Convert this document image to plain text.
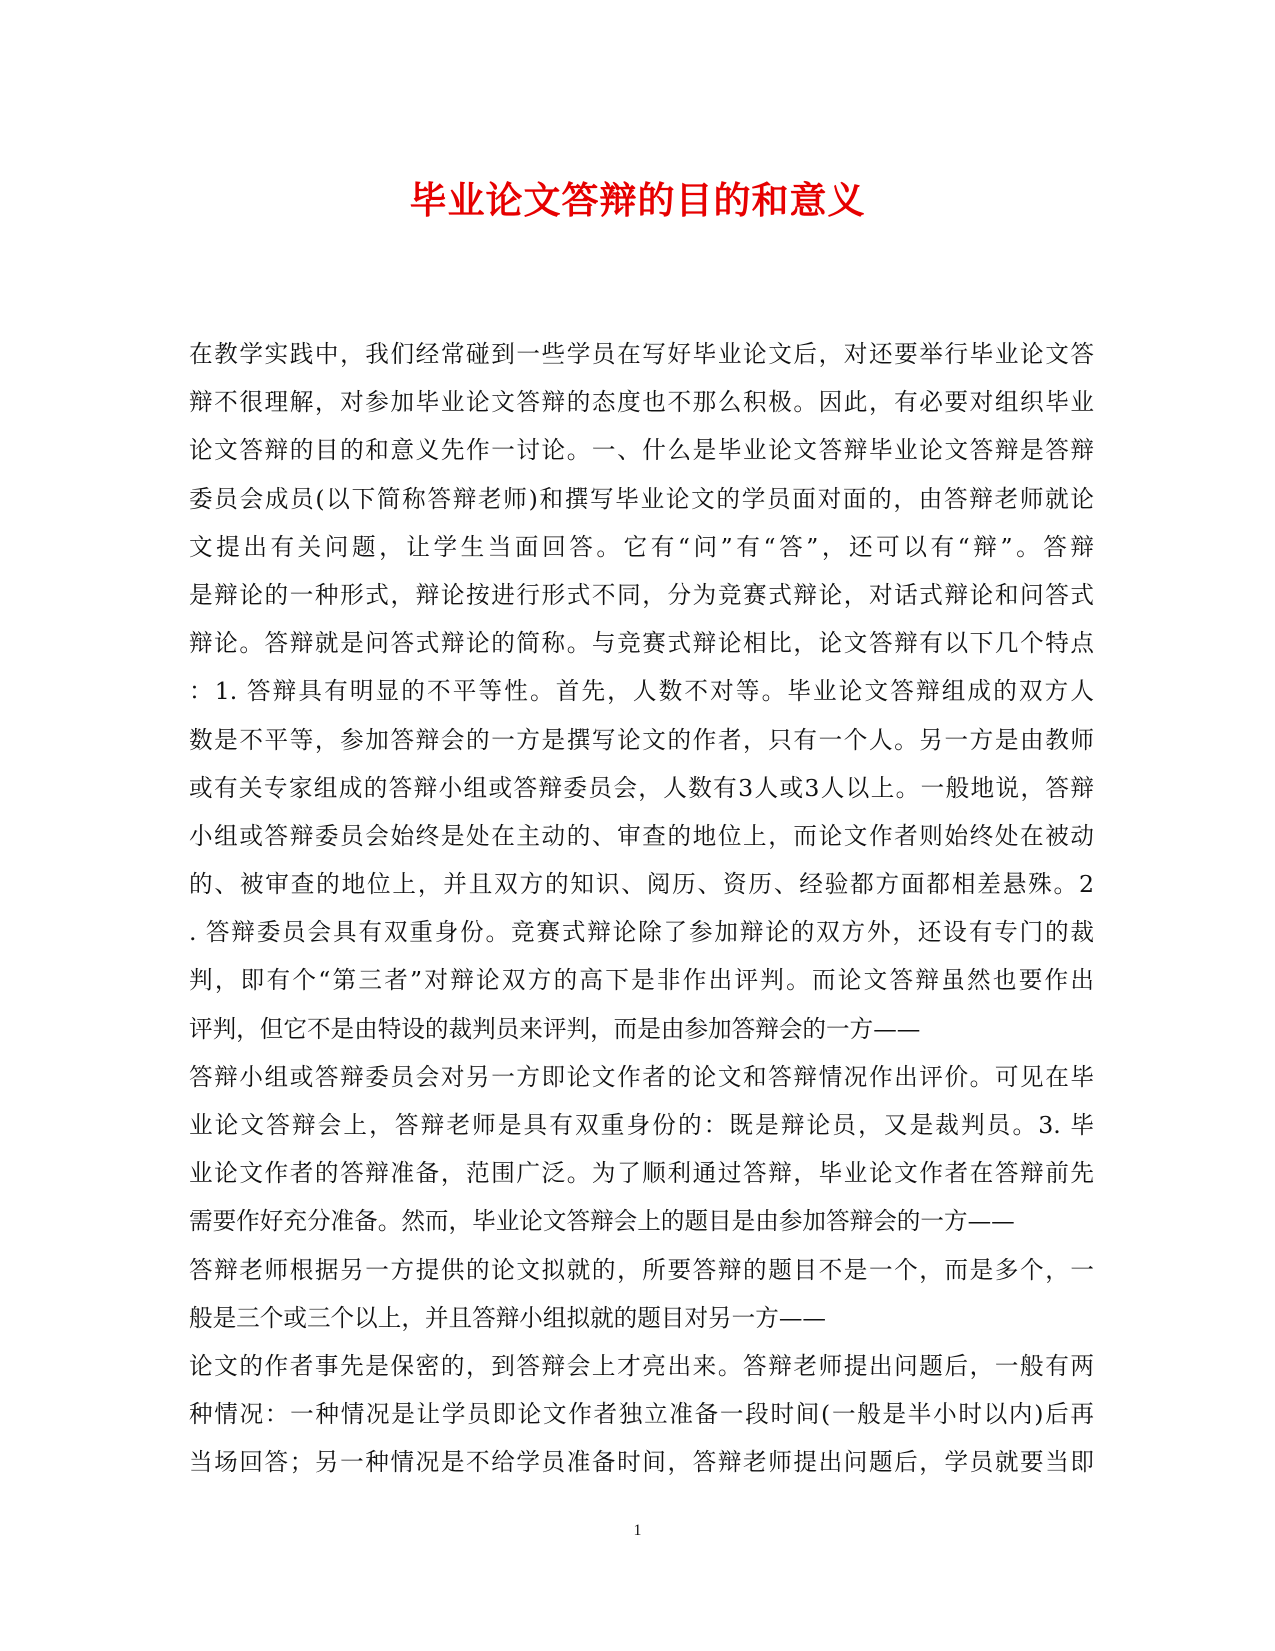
毕业论文答辩的目的和意义
在教学实践中，我们经常碰到一些学员在写好毕业论文后，对还要举行毕业论文答
辩不很理解，对参加毕业论文答辩的态度也不那么积极。因此，有必要对组织毕业
论文答辩的目的和意义先作一讨论。一、什么是毕业论文答辩毕业论文答辩是答辩
委员会成员(以下简称答辩老师)和撰写毕业论文的学员面对面的，由答辩老师就论
文提出有关问题，让学生当面回答。它有“问”有“答”，还可以有“辩”。答辩
是辩论的一种形式，辩论按进行形式不同，分为竞赛式辩论，对话式辩论和问答式
辩论。答辩就是问答式辩论的简称。与竞赛式辩论相比，论文答辩有以下几个特点
：1. 答辩具有明显的不平等性。首先，人数不对等。毕业论文答辩组成的双方人
数是不平等，参加答辩会的一方是撰写论文的作者，只有一个人。另一方是由教师
或有关专家组成的答辩小组或答辩委员会，人数有3人或3人以上。一般地说，答辩
小组或答辩委员会始终是处在主动的、审查的地位上，而论文作者则始终处在被动
的、被审查的地位上，并且双方的知识、阅历、资历、经验都方面都相差悬殊。2
. 答辩委员会具有双重身份。竞赛式辩论除了参加辩论的双方外，还设有专门的裁
判，即有个“第三者”对辩论双方的高下是非作出评判。而论文答辩虽然也要作出
评判，但它不是由特设的裁判员来评判，而是由参加答辩会的一方——
答辩小组或答辩委员会对另一方即论文作者的论文和答辩情况作出评价。可见在毕
业论文答辩会上，答辩老师是具有双重身份的：既是辩论员，又是裁判员。3. 毕
业论文作者的答辩准备，范围广泛。为了顺利通过答辩，毕业论文作者在答辩前先
需要作好充分准备。然而，毕业论文答辩会上的题目是由参加答辩会的一方——
答辩老师根据另一方提供的论文拟就的，所要答辩的题目不是一个，而是多个，一
般是三个或三个以上，并且答辩小组拟就的题目对另一方——
论文的作者事先是保密的，到答辩会上才亮出来。答辩老师提出问题后，一般有两
种情况：一种情况是让学员即论文作者独立准备一段时间(一般是半小时以内)后再
当场回答；另一种情况是不给学员准备时间，答辩老师提出问题后，学员就要当即
1
